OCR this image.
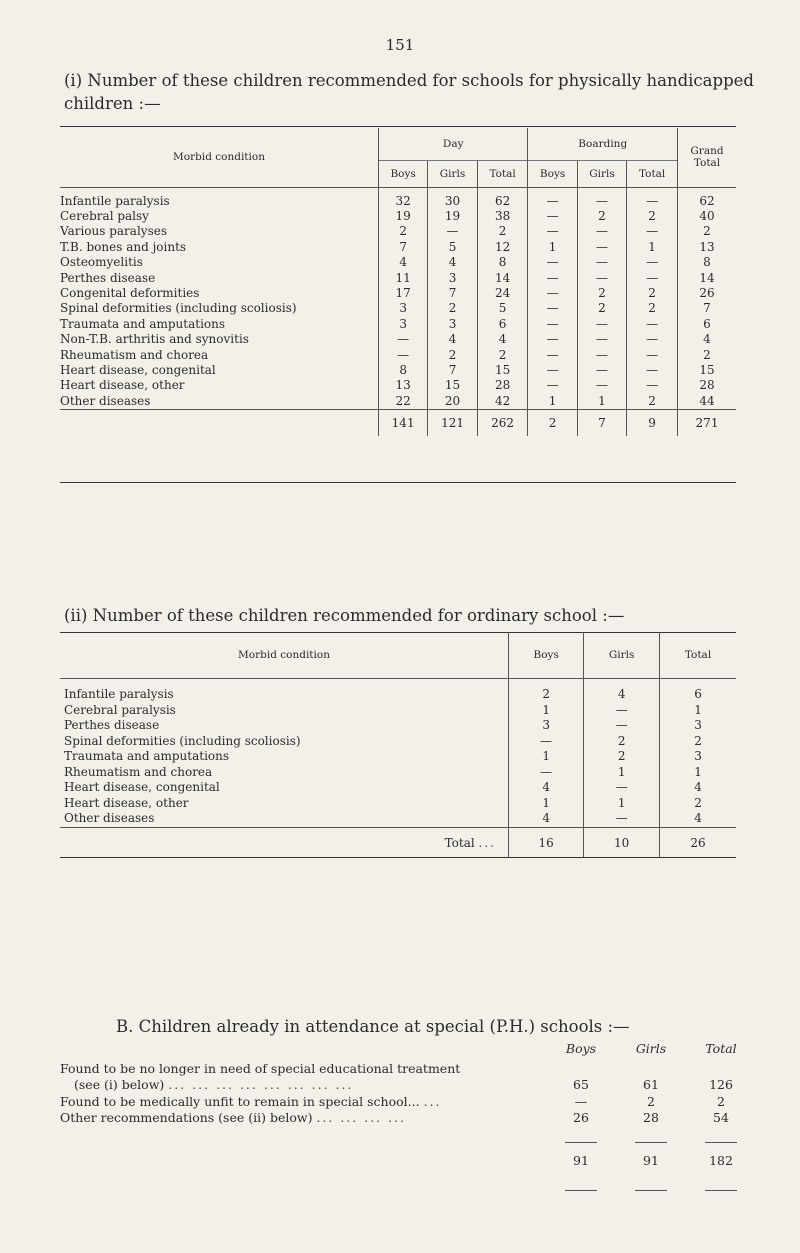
151
(i) Number of these children recommended for schools for physically handicapped children :—
Morbid condition	Day			Boarding			Grand Total
	Boys	Girls	Total	Boys	Girls	Total	
Infantile paralysis	32	30	62	—	—	—	62
Cerebral palsy	19	19	38	—	2	2	40
Various paralyses	2	—	2	—	—	—	2
T.B. bones and joints	7	5	12	1	—	1	13
Osteomyelitis	4	4	8	—	—	—	8
Perthes disease	11	3	14	—	—	—	14
Congenital deformities	17	7	24	—	2	2	26
Spinal deformities (including scoliosis)	3	2	5	—	2	2	7
Traumata and amputations	3	3	6	—	—	—	6
Non-T.B. arthritis and synovitis	—	4	4	—	—	—	4
Rheumatism and chorea	—	2	2	—	—	—	2
Heart disease, congenital	8	7	15	—	—	—	15
Heart disease, other	13	15	28	—	—	—	28
Other diseases	22	20	42	1	1	2	44
	141	121	262	2	7	9	271
(ii) Number of these children recommended for ordinary school :—
Morbid condition	Boys	Girls	Total
Infantile paralysis	2	4	6
Cerebral paralysis	1	—	1
Perthes disease	3	—	3
Spinal deformities (including scoliosis)	—	2	2
Traumata and amputations	1	2	3
Rheumatism and chorea	—	1	1
Heart disease, congenital	4	—	4
Heart disease, other	1	1	2
Other diseases	4	—	4
Total ...	16	10	26
B. Children already in attendance at special (P.H.) schools :—
	Boys	Girls	Total
Found to be no longer in need of special educational treatment			
(see (i) below) ... ... ... ... ... ... ... ...	65	61	126
Found to be medically unfit to remain in special school... ...	—	2	2
Other recommendations (see (ii) below) ... ... ... ...	26	28	54

	91	91	182
